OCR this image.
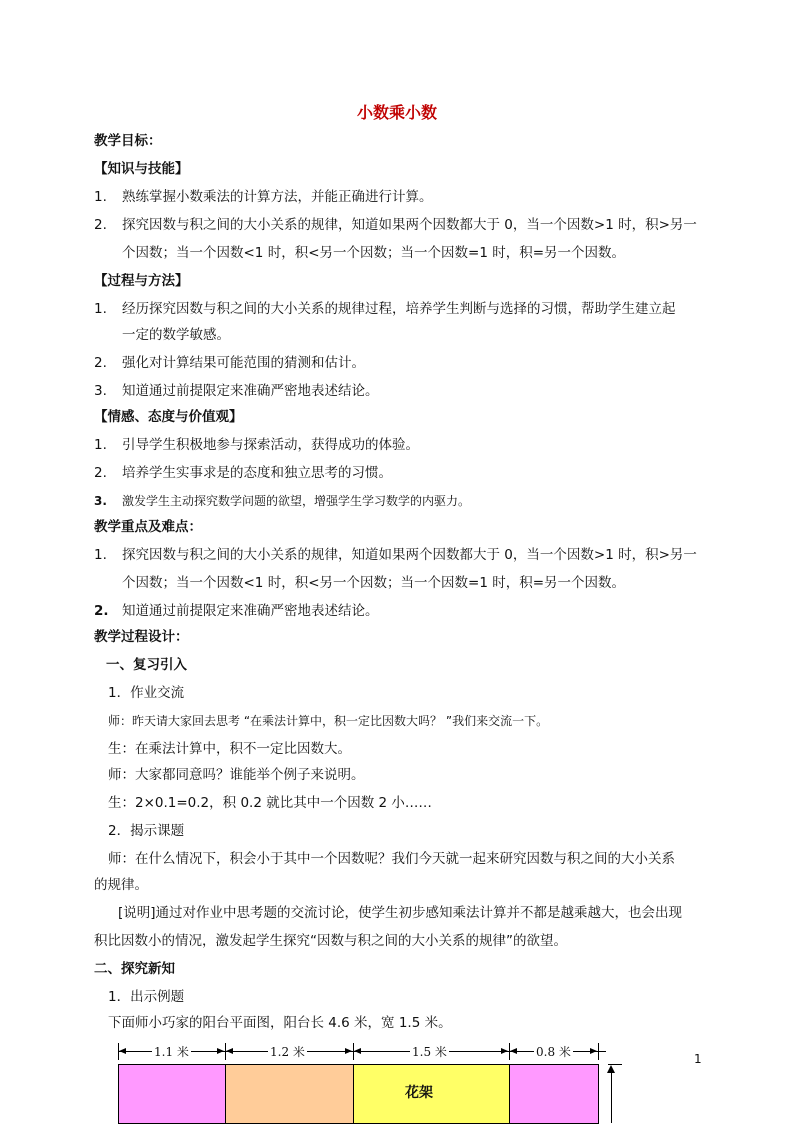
小数乘小数
教学目标：
【知识与技能】
1. 熟练掌握小数乘法的计算方法，并能正确进行计算。
2. 探究因数与积之间的大小关系的规律，知道如果两个因数都大于 0，当一个因数>1 时，积>另一
个因数；当一个因数<1 时，积<另一个因数；当一个因数=1 时，积=另一个因数。
【过程与方法】
1. 经历探究因数与积之间的大小关系的规律过程，培养学生判断与选择的习惯，帮助学生建立起
一定的数学敏感。
2. 强化对计算结果可能范围的猜测和估计。
3. 知道通过前提限定来准确严密地表述结论。
【情感、态度与价值观】
1. 引导学生积极地参与探索活动，获得成功的体验。
2. 培养学生实事求是的态度和独立思考的习惯。
3. 激发学生主动探究数学问题的欲望，增强学生学习数学的内驱力。
教学重点及难点：
1. 探究因数与积之间的大小关系的规律，知道如果两个因数都大于 0，当一个因数>1 时，积>另一
个因数；当一个因数<1 时，积<另一个因数；当一个因数=1 时，积=另一个因数。
2. 知道通过前提限定来准确严密地表述结论。
教学过程设计：
一、复习引入
1．作业交流
师：昨天请大家回去思考 “在乘法计算中，积一定比因数大吗？ ”我们来交流一下。
生：在乘法计算中，积不一定比因数大。
师：大家都同意吗？谁能举个例子来说明。
生：2×0.1=0.2，积 0.2 就比其中一个因数 2 小……
2．揭示课题
师：在什么情况下，积会小于其中一个因数呢？我们今天就一起来研究因数与积之间的大小关系
的规律。
[说明]通过对作业中思考题的交流讨论，使学生初步感知乘法计算并不都是越乘越大，也会出现
积比因数小的情况，激发起学生探究“因数与积之间的大小关系的规律”的欲望。
二、探究新知
1．出示例题
下面师小巧家的阳台平面图，阳台长 4.6 米，宽 1.5 米。
1
1.1 米	1.2 米	1.5 米	0.8 米
花架
